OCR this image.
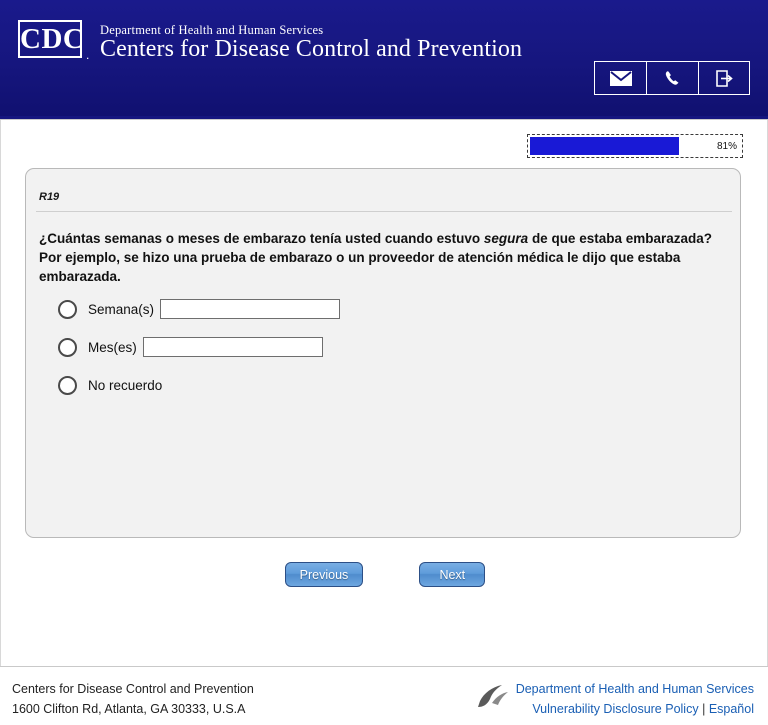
CDC .
Department of Health and Human Services
Centers for Disease Control and Prevention
81%
R19
¿Cuántas semanas o meses de embarazo tenía usted cuando estuvo segura de que estaba embarazada? Por ejemplo, se hizo una prueba de embarazo o un proveedor de atención médica le dijo que estaba embarazada.
Semana(s)
Mes(es)
No recuerdo
Previous	Next
Centers for Disease Control and Prevention
1600 Clifton Rd, Atlanta, GA 30333, U.S.A
Department of Health and Human Services
Vulnerability Disclosure Policy | Español
